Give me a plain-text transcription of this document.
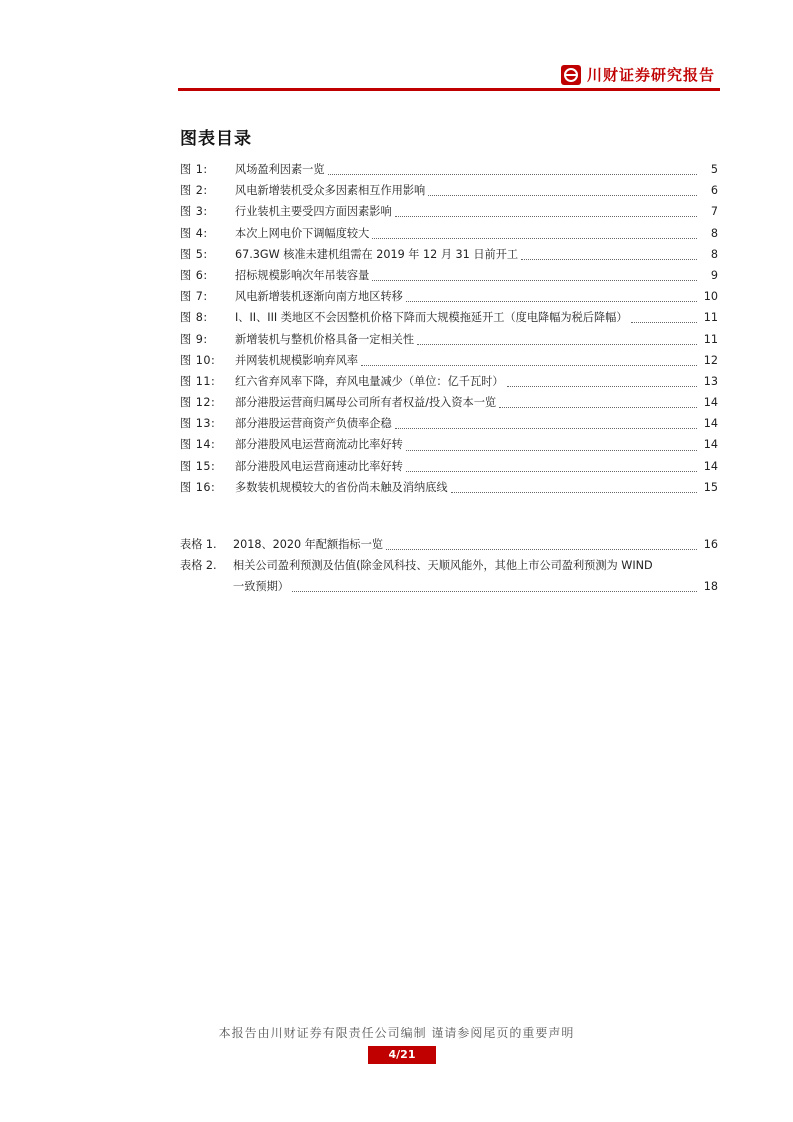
川财证券研究报告
图表目录
图 1:	风场盈利因素一览	5
图 2:	风电新增装机受众多因素相互作用影响	6
图 3:	行业装机主要受四方面因素影响	7
图 4:	本次上网电价下调幅度较大	8
图 5:	67.3GW 核准未建机组需在 2019 年 12 月 31 日前开工	8
图 6:	招标规模影响次年吊装容量	9
图 7:	风电新增装机逐渐向南方地区转移	10
图 8:	I、II、III 类地区不会因整机价格下降而大规模拖延开工（度电降幅为税后降幅）	11
图 9:	新增装机与整机价格具备一定相关性	11
图 10:	并网装机规模影响弃风率	12
图 11:	红六省弃风率下降，弃风电量减少（单位：亿千瓦时）	13
图 12:	部分港股运营商归属母公司所有者权益/投入资本一览	14
图 13:	部分港股运营商资产负债率企稳	14
图 14:	部分港股风电运营商流动比率好转	14
图 15:	部分港股风电运营商速动比率好转	14
图 16:	多数装机规模较大的省份尚未触及消纳底线	15
表格 1.	2018、2020 年配额指标一览	16
表格 2.	相关公司盈利预测及估值(除金风科技、天顺风能外，其他上市公司盈利预测为 WIND
一致预期）	18
本报告由川财证券有限责任公司编制 谨请参阅尾页的重要声明
4/21
